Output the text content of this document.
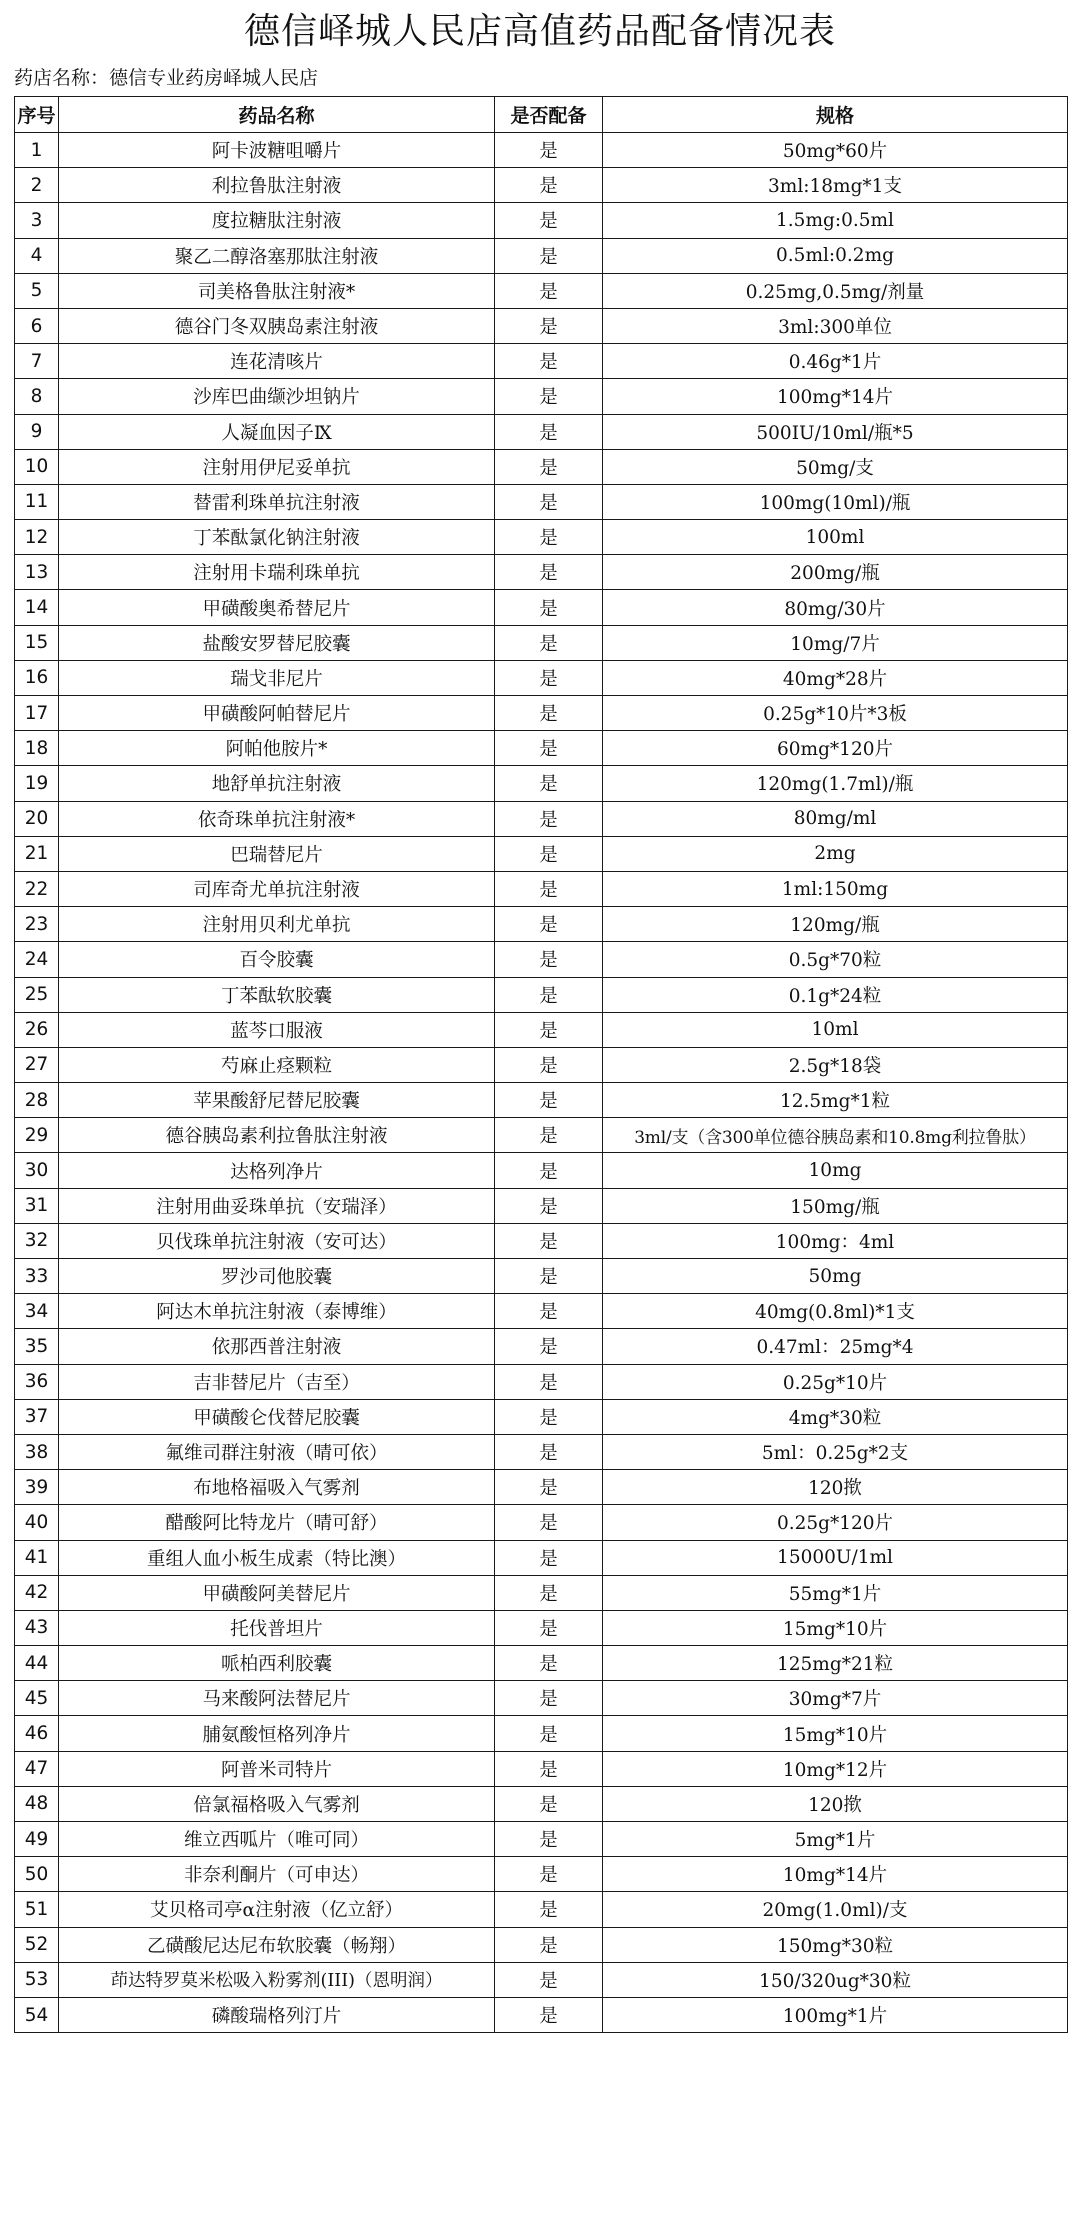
德信峄城人民店高值药品配备情况表
药店名称：德信专业药房峄城人民店
序号	药品名称	是否配备	规格
1	阿卡波糖咀嚼片	是	50mg*60片
2	利拉鲁肽注射液	是	3ml:18mg*1支
3	度拉糖肽注射液	是	1.5mg:0.5ml
4	聚乙二醇洛塞那肽注射液	是	0.5ml:0.2mg
5	司美格鲁肽注射液*	是	0.25mg,0.5mg/剂量
6	德谷门冬双胰岛素注射液	是	3ml:300单位
7	连花清咳片	是	0.46g*1片
8	沙库巴曲缬沙坦钠片	是	100mg*14片
9	人凝血因子Ⅸ	是	500IU/10ml/瓶*5
10	注射用伊尼妥单抗	是	50mg/支
11	替雷利珠单抗注射液	是	100mg(10ml)/瓶
12	丁苯酞氯化钠注射液	是	100ml
13	注射用卡瑞利珠单抗	是	200mg/瓶
14	甲磺酸奥希替尼片	是	80mg/30片
15	盐酸安罗替尼胶囊	是	10mg/7片
16	瑞戈非尼片	是	40mg*28片
17	甲磺酸阿帕替尼片	是	0.25g*10片*3板
18	阿帕他胺片*	是	60mg*120片
19	地舒单抗注射液	是	120mg(1.7ml)/瓶
20	依奇珠单抗注射液*	是	80mg/ml
21	巴瑞替尼片	是	2mg
22	司库奇尤单抗注射液	是	1ml:150mg
23	注射用贝利尤单抗	是	120mg/瓶
24	百令胶囊	是	0.5g*70粒
25	丁苯酞软胶囊	是	0.1g*24粒
26	蓝芩口服液	是	10ml
27	芍麻止痉颗粒	是	2.5g*18袋
28	苹果酸舒尼替尼胶囊	是	12.5mg*1粒
29	德谷胰岛素利拉鲁肽注射液	是	3ml/支（含300单位德谷胰岛素和10.8mg利拉鲁肽）
30	达格列净片	是	10mg
31	注射用曲妥珠单抗（安瑞泽）	是	150mg/瓶
32	贝伐珠单抗注射液（安可达）	是	100mg：4ml
33	罗沙司他胶囊	是	50mg
34	阿达木单抗注射液（泰博维）	是	40mg(0.8ml)*1支
35	依那西普注射液	是	0.47ml：25mg*4
36	吉非替尼片（吉至）	是	0.25g*10片
37	甲磺酸仑伐替尼胶囊	是	4mg*30粒
38	氟维司群注射液（晴可依）	是	5ml：0.25g*2支
39	布地格福吸入气雾剂	是	120揿
40	醋酸阿比特龙片（晴可舒）	是	0.25g*120片
41	重组人血小板生成素（特比澳）	是	15000U/1ml
42	甲磺酸阿美替尼片	是	55mg*1片
43	托伐普坦片	是	15mg*10片
44	哌柏西利胶囊	是	125mg*21粒
45	马来酸阿法替尼片	是	30mg*7片
46	脯氨酸恒格列净片	是	15mg*10片
47	阿普米司特片	是	10mg*12片
48	倍氯福格吸入气雾剂	是	120揿
49	维立西呱片（唯可同）	是	5mg*1片
50	非奈利酮片（可申达）	是	10mg*14片
51	艾贝格司亭α注射液（亿立舒）	是	20mg(1.0ml)/支
52	乙磺酸尼达尼布软胶囊（畅翔）	是	150mg*30粒
53	茚达特罗莫米松吸入粉雾剂(III)（恩明润）	是	150/320ug*30粒
54	磷酸瑞格列汀片	是	100mg*1片
